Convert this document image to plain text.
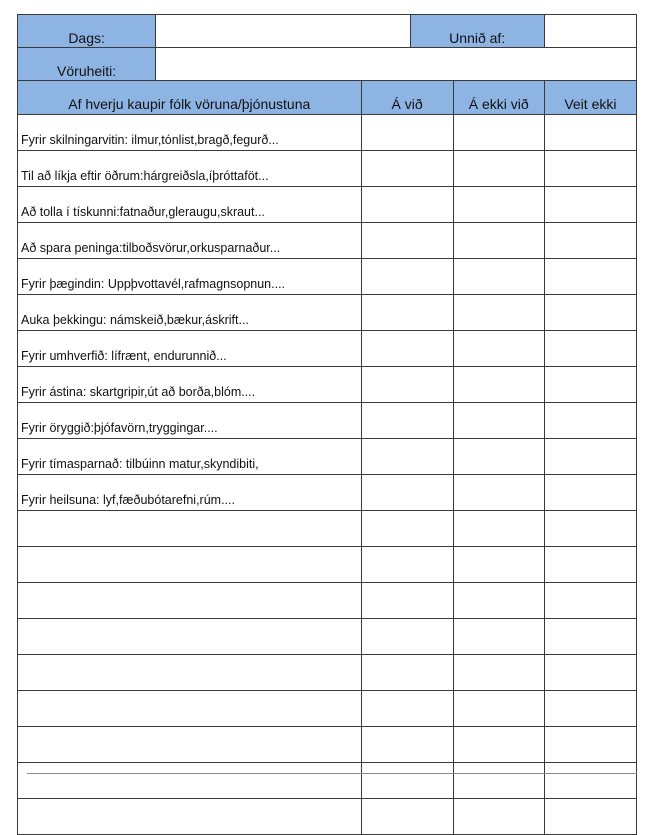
Dags:			Unnið af:		
Vöruheiti:					
Af hverju kaupir fólk vöruna/þjónustuna		Á við		Á ekki við	Veit ekki
Fyrir skilningarvitin: ilmur,tónlist,bragð,fegurð...					
Til að líkja eftir öðrum:hárgreiðsla,íþróttaföt...					
Að tolla í tískunni:fatnaður,gleraugu,skraut...					
Að spara peninga:tilboðsvörur,orkusparnaður...					
Fyrir þægindin: Uppþvottavél,rafmagnsopnun....					
Auka þekkingu: námskeið,bækur,áskrift...					
Fyrir umhverfið: lífrænt, endurunnið...					
Fyrir ástina: skartgripir,út að borða,blóm....					
Fyrir öryggið:þjófavörn,tryggingar....					
Fyrir tímasparnað: tilbúinn matur,skyndibiti,					
Fyrir heilsuna: lyf,fæðubótarefni,rúm....					
